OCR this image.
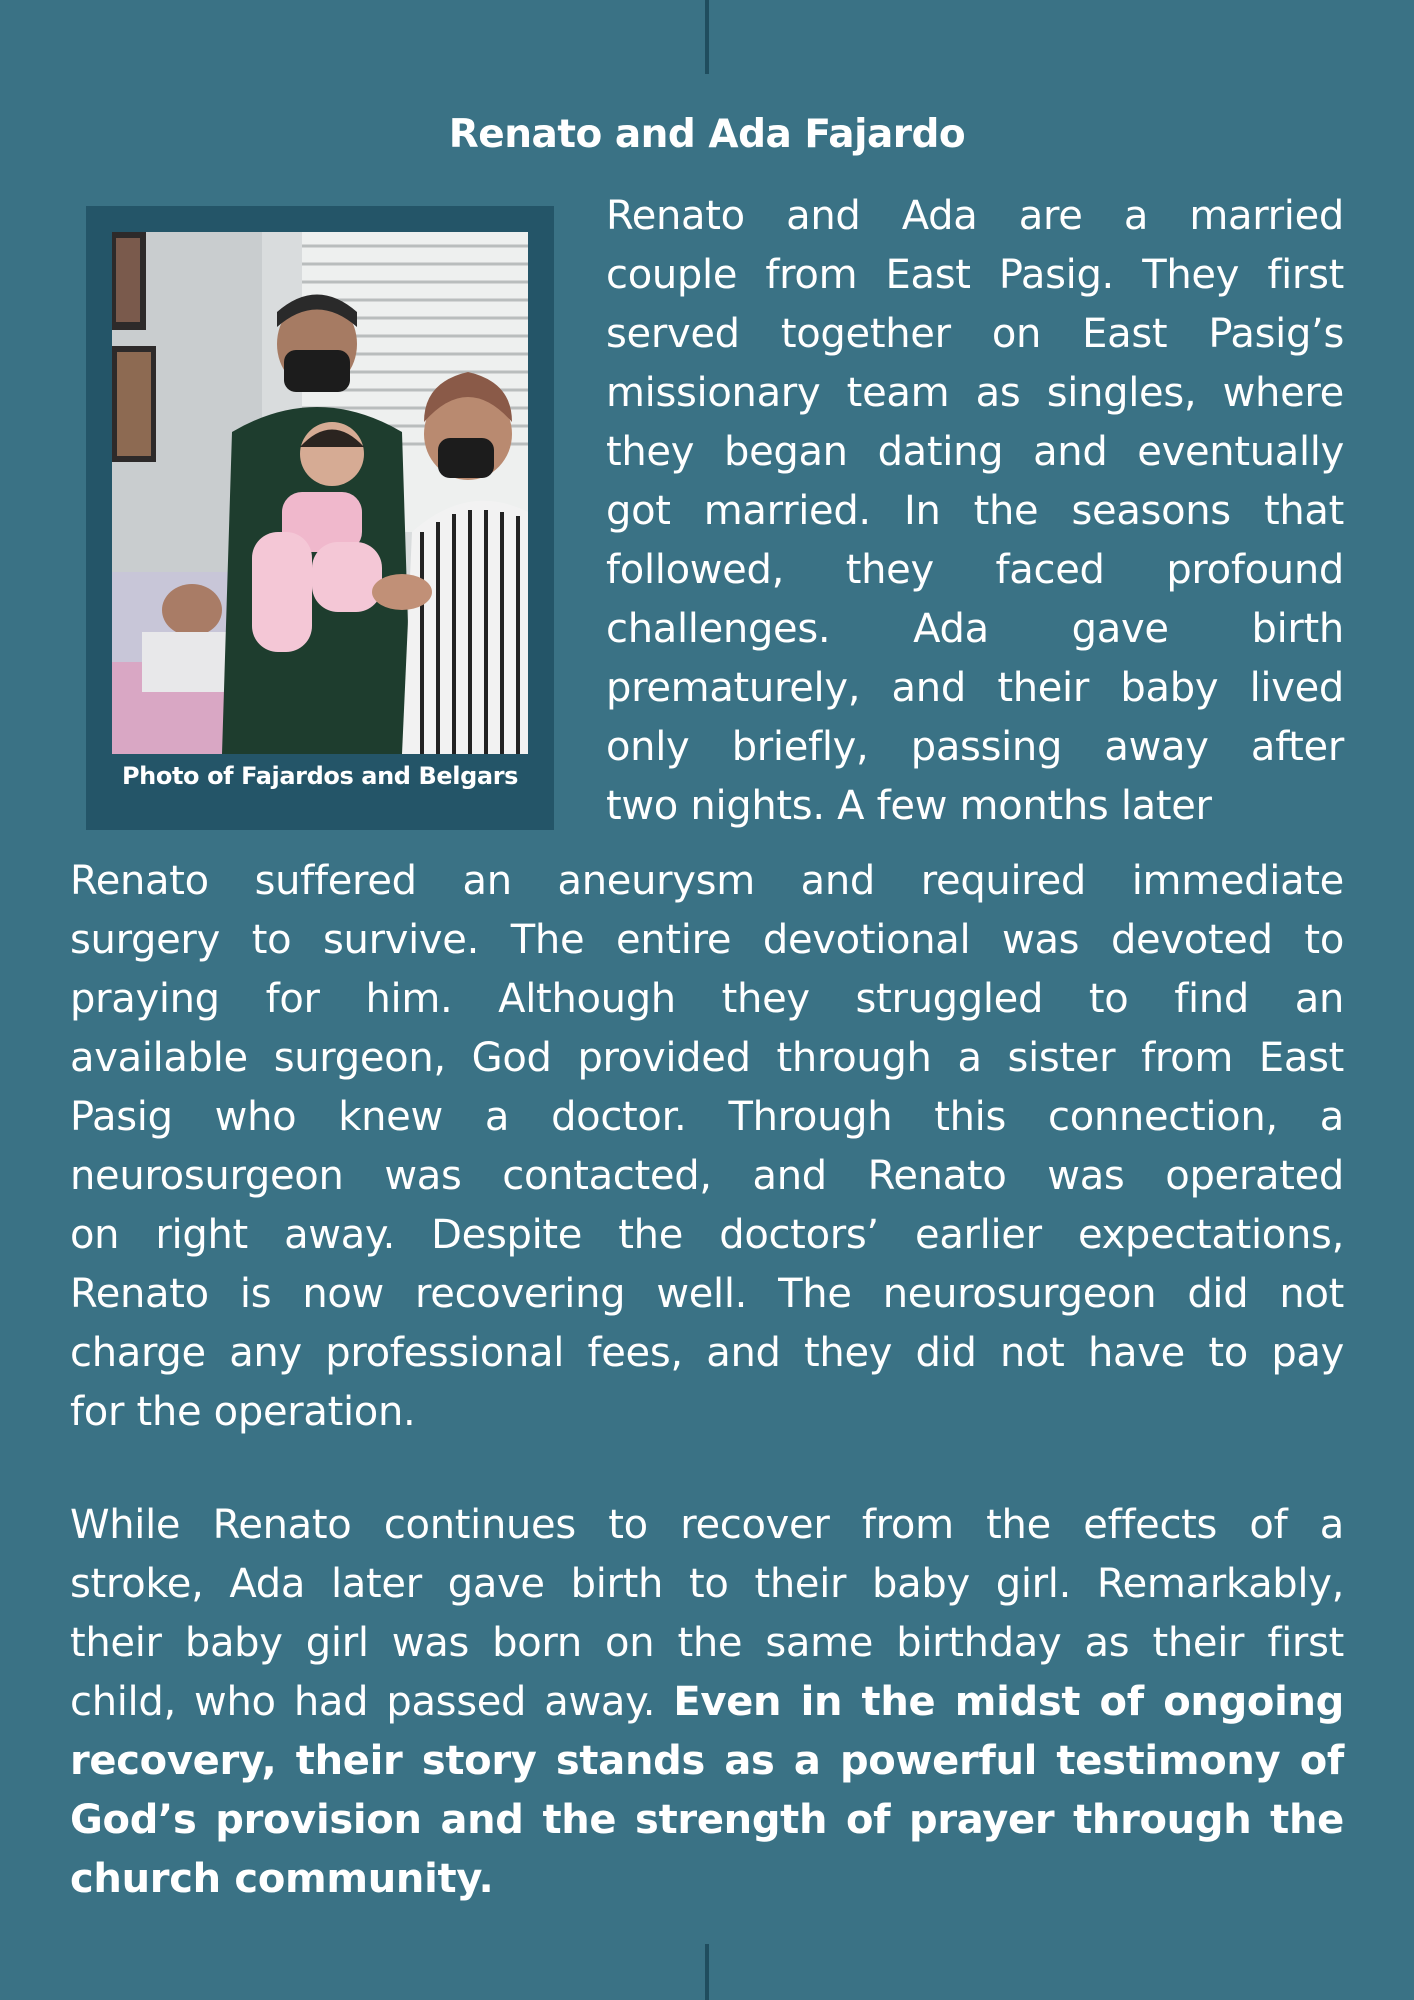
Renato and Ada Fajardo
Photo of Fajardos and Belgars

Renato and Ada are a married
couple from East Pasig. They first
served together on East Pasig’s
missionary team as singles, where
they began dating and eventually
got married. In the seasons that
followed, they faced profound
challenges. Ada gave birth
prematurely, and their baby lived
only briefly, passing away after
two nights. A few months later

Renato suffered an aneurysm and required immediate
surgery to survive. The entire devotional was devoted to
praying for him. Although they struggled to find an
available surgeon, God provided through a sister from East
Pasig who knew a doctor. Through this connection, a
neurosurgeon was contacted, and Renato was operated
on right away. Despite the doctors’ earlier expectations,
Renato is now recovering well. The neurosurgeon did not
charge any professional fees, and they did not have to pay
for the operation.

While Renato continues to recover from the effects of a
stroke, Ada later gave birth to their baby girl. Remarkably,
their baby girl was born on the same birthday as their first
child, who had passed away. Even in the midst of ongoing
recovery, their story stands as a powerful testimony of
God’s provision and the strength of prayer through the
church community.
